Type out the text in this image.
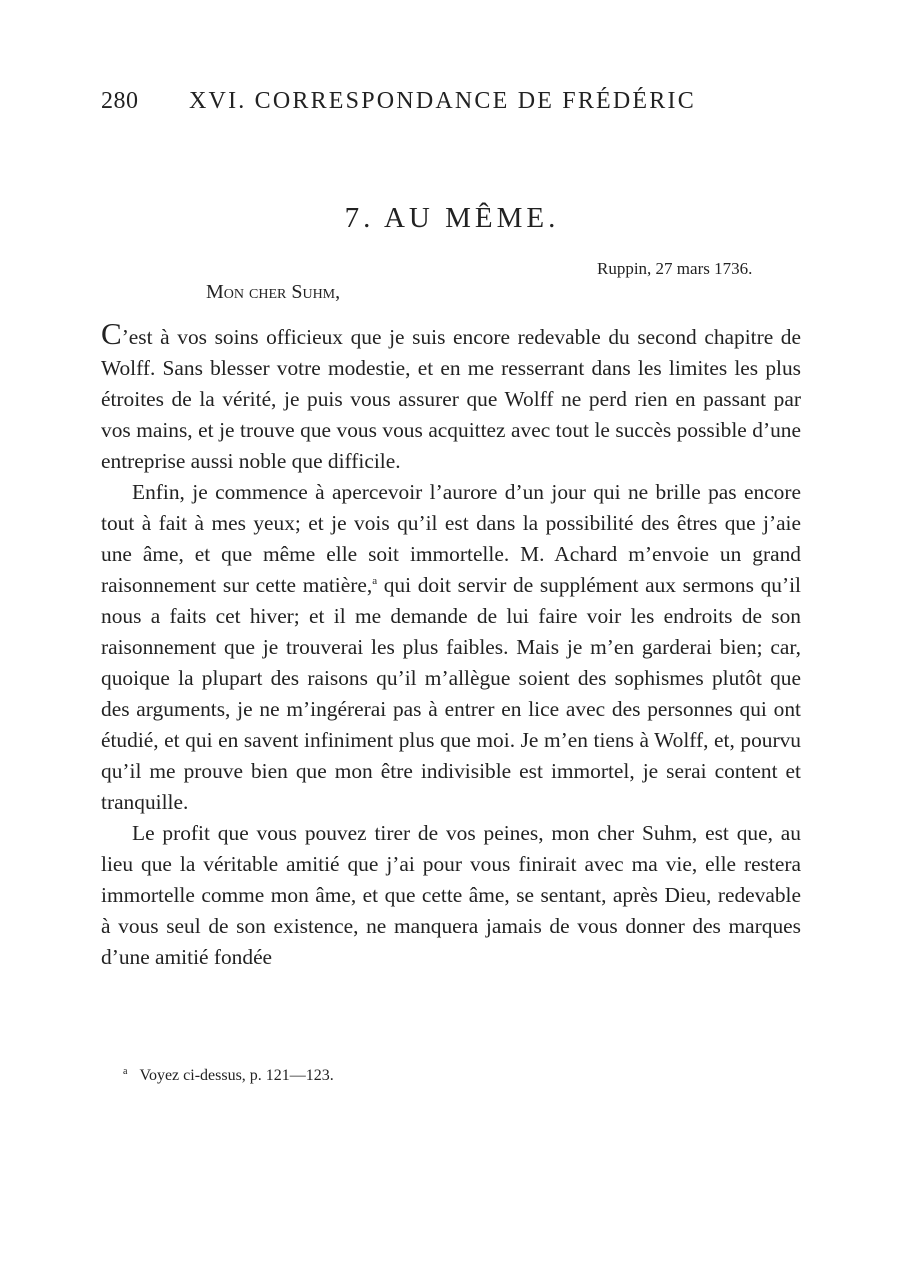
280 XVI. CORRESPONDANCE DE FRÉDÉRIC
7. AU MÊME.
Ruppin, 27 mars 1736.
Mon cher Suhm,

C’est à vos soins officieux que je suis encore redevable du second chapitre de Wolff. Sans blesser votre modestie, et en me resserrant dans les limites les plus étroites de la vérité, je puis vous assurer que Wolff ne perd rien en passant par vos mains, et je trouve que vous vous acquittez avec tout le succès possible d’une entreprise aussi noble que difficile.

Enfin, je commence à apercevoir l’aurore d’un jour qui ne brille pas encore tout à fait à mes yeux; et je vois qu’il est dans la possibilité des êtres que j’aie une âme, et que même elle soit immortelle. M. Achard m’envoie un grand raisonnement sur cette matière,$^a$ qui doit servir de supplément aux sermons qu’il nous a faits cet hiver; et il me demande de lui faire voir les endroits de son raisonnement que je trouverai les plus faibles. Mais je m’en garderai bien; car, quoique la plupart des raisons qu’il m’allègue soient des sophismes plutôt que des arguments, je ne m’ingérerai pas à entrer en lice avec des personnes qui ont étudié, et qui en savent infiniment plus que moi. Je m’en tiens à Wolff, et, pourvu qu’il me prouve bien que mon être indivisible est immortel, je serai content et tranquille.

Le profit que vous pouvez tirer de vos peines, mon cher Suhm, est que, au lieu que la véritable amitié que j’ai pour vous finirait avec ma vie, elle restera immortelle comme mon âme, et que cette âme, se sentant, après Dieu, redevable à vous seul de son existence, ne manquera jamais de vous donner des marques d’une amitié fondée

$^a$ Voyez ci-dessus, p. 121—123.
